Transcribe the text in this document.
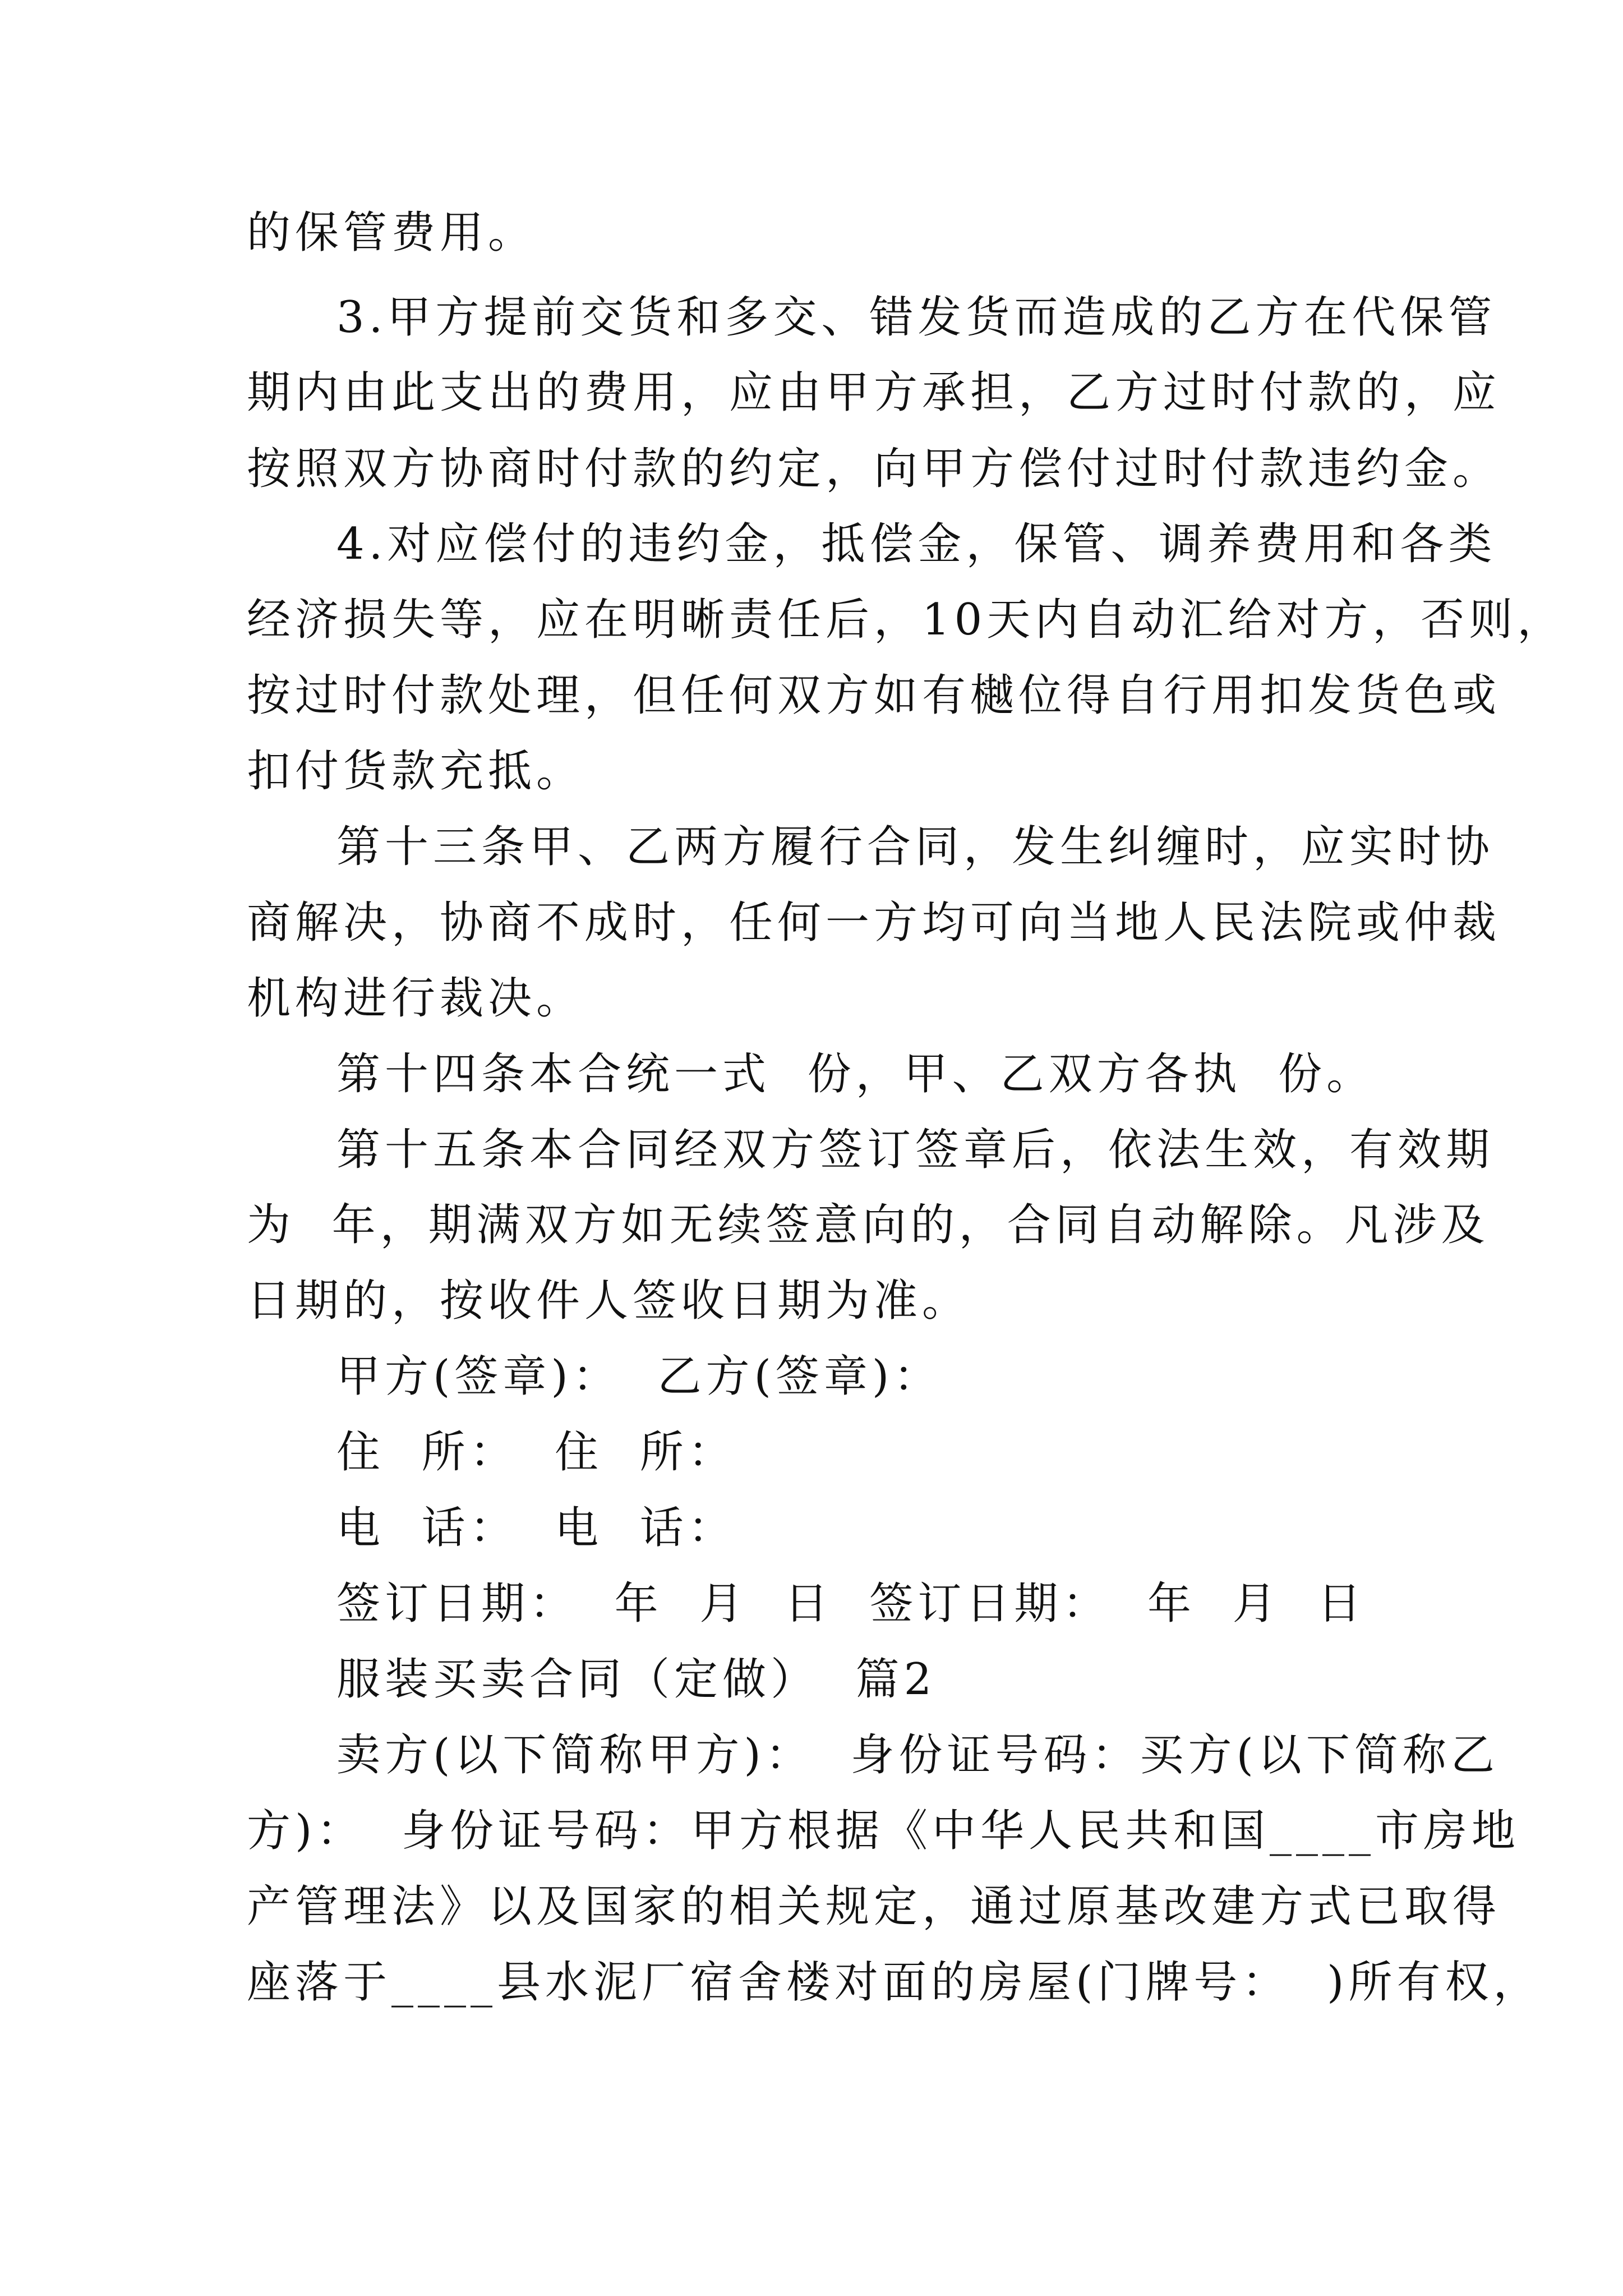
的保管费用。
3.甲方提前交货和多交、错发货而造成的乙方在代保管
期内由此支出的费用，应由甲方承担，乙方过时付款的，应
按照双方协商时付款的约定，向甲方偿付过时付款违约金。
4.对应偿付的违约金，抵偿金，保管、调养费用和各类
经济损失等，应在明晰责任后，10天内自动汇给对方，否则，
按过时付款处理，但任何双方如有樾位得自行用扣发货色或
扣付货款充抵。
第十三条甲、乙两方履行合同，发生纠缠时，应实时协
商解决，协商不成时，任何一方均可向当地人民法院或仲裁
机构进行裁决。
第十四条本合统一式  份，甲、乙双方各执  份。
第十五条本合同经双方签订签章后，依法生效，有效期
为  年，期满双方如无续签意向的，合同自动解除。凡涉及
日期的，按收件人签收日期为准。
甲方(签章)：  乙方(签章)：
住  所：  住  所：
电  话：  电  话：
签订日期：  年  月  日  签订日期：  年  月  日
服装买卖合同（定做）  篇2
卖方(以下简称甲方)：  身份证号码：买方(以下简称乙
方)：  身份证号码：甲方根据《中华人民共和国____市房地
产管理法》以及国家的相关规定，通过原基改建方式已取得
座落于____县水泥厂宿舍楼对面的房屋(门牌号：  )所有权，
